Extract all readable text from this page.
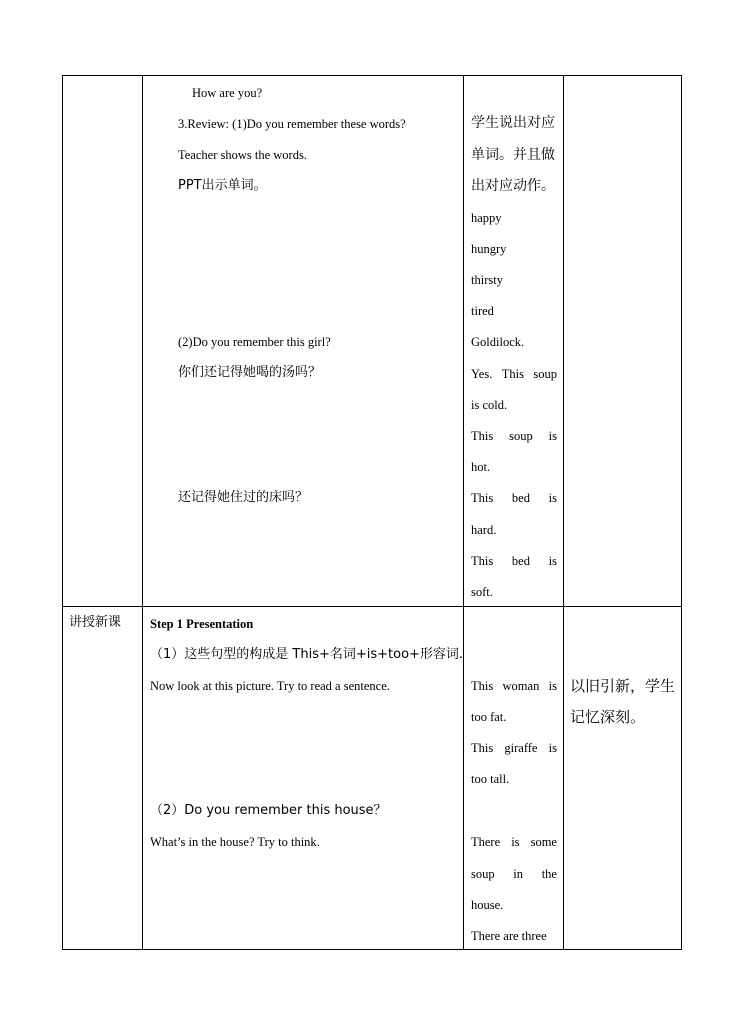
How are you?
3.Review: (1)Do you remember these words?
Teacher shows the words.
PPT出示单词。
(2)Do you remember this girl?
你们还记得她喝的汤吗？
还记得她住过的床吗？
学生说出对应
单词。并且做
出对应动作。
happy
hungry
thirsty
tired
Goldilock.
Yes. This soup
is cold.
This soup is
hot.
This bed is
hard.
This bed is
soft.
讲授新课 Step 1 Presentation
（1）这些句型的构成是 This+名词+is+too+形容词.
Now look at this picture. Try to read a sentence.
（2）Do you remember this house？
What’s in the house? Try to think.
This woman is
too fat.
This giraffe is
too tall.
There is some
soup in the
house.
There are three
以旧引新，学生
记忆深刻。
